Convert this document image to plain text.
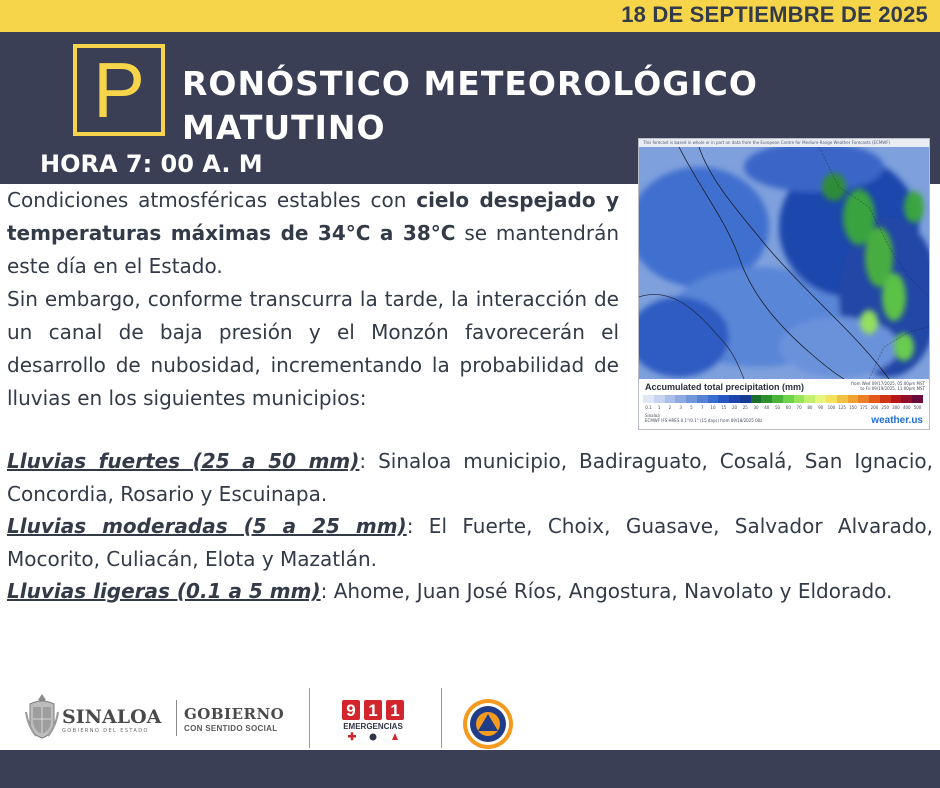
18 DE SEPTIEMBRE DE 2025
P	RONÓSTICO METEOROLÓGICO
MATUTINO
HORA 7: 00 A. M
This forecast is based in whole or in part on data from the European Centre for Medium-Range Weather Forecasts (ECMWF)
Accumulated total precipitation (mm)	from Wed 09/17/2025, 05:00pm MST
to Fri 09/19/2025, 11:00pm MST
0.1	1	2	3	5	7	10	15	20	25	30	40	50	60	70	80	90	100 125 150 175 200 250 300 400 500
Sinaloa
ECMWF IFS HRES 0.1°/0.1° (15 days) from 09/18/2025 00z	weather.us
Condiciones atmosféricas estables con cielo despejado y temperaturas máximas de 34°C a 38°C se mantendrán este día en el Estado.
Sin embargo, conforme transcurra la tarde, la interacción de un canal de baja presión y el Monzón favorecerán el desarrollo de nubosidad, incrementando la probabilidad de lluvias en los siguientes municipios:
Lluvias fuertes (25 a 50 mm): Sinaloa municipio, Badiraguato, Cosalá, San Ignacio, Concordia, Rosario y Escuinapa.
Lluvias moderadas (5 a 25 mm): El Fuerte, Choix, Guasave, Salvador Alvarado, Mocorito, Culiacán, Elota y Mazatlán.
Lluvias ligeras (0.1 a 5 mm): Ahome, Juan José Ríos, Angostura, Navolato y Eldorado.
SINALOA
GOBIERNO DEL ESTADO
GOBIERNO
CON SENTIDO SOCIAL
9 1 1
EMERGENCIAS
